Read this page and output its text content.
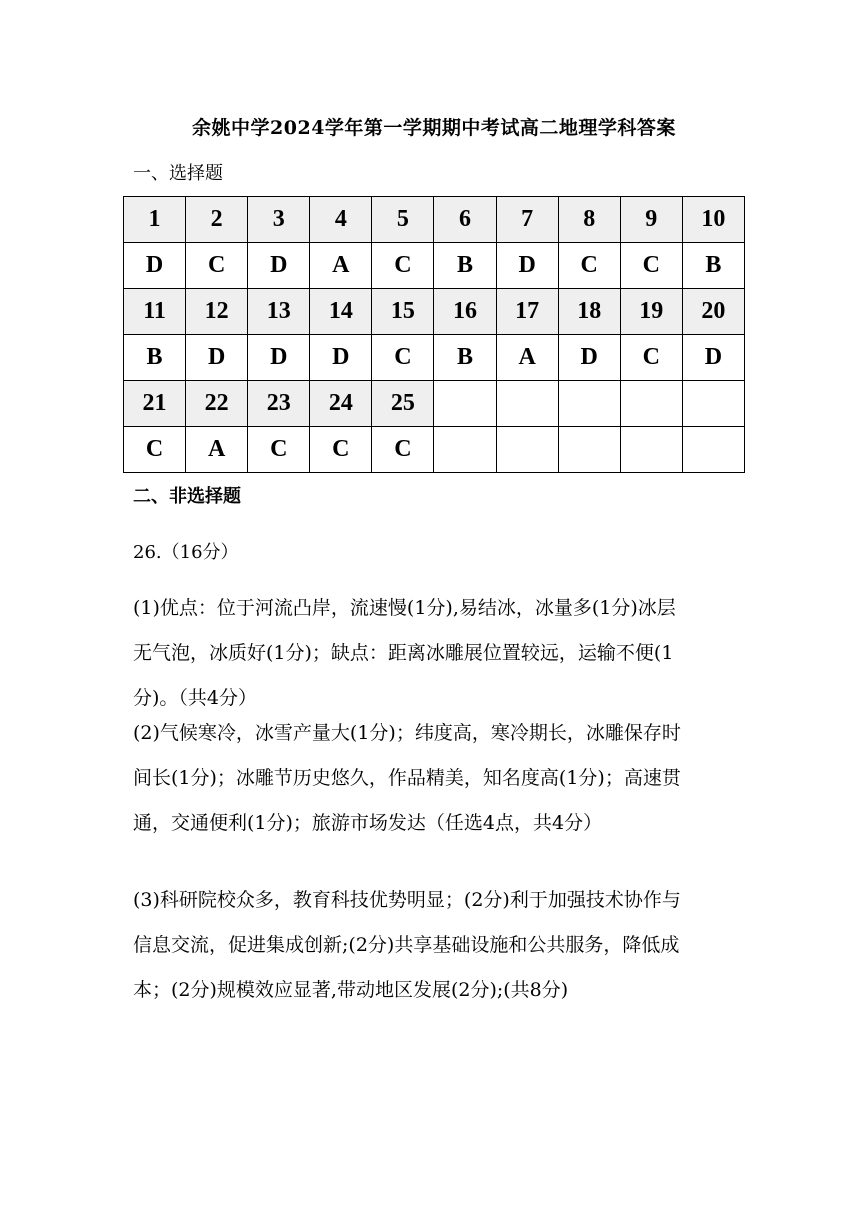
余姚中学2024学年第一学期期中考试高二地理学科答案
一、选择题
1	2	3	4	5	6	7	8	9	10
D	C	D	A	C	B	D	C	C	B
11	12	13	14	15	16	17	18	19	20
B	D	D	D	C	B	A	D	C	D
21	22	23	24	25					
C	A	C	C	C					
二、非选择题
26.（16分）
(1)优点：位于河流凸岸，流速慢(1分),易结冰，冰量多(1分)冰层
无气泡，冰质好(1分)；缺点：距离冰雕展位置较远，运输不便(1
分)。（共4分）
(2)气候寒冷，冰雪产量大(1分)；纬度高，寒冷期长，冰雕保存时
间长(1分)；冰雕节历史悠久，作品精美，知名度高(1分)；高速贯
通，交通便利(1分)；旅游市场发达（任选4点，共4分）
(3)科研院校众多，教育科技优势明显；(2分)利于加强技术协作与
信息交流，促进集成创新;(2分)共享基础设施和公共服务，降低成
本；(2分)规模效应显著,带动地区发展(2分);(共8分)
